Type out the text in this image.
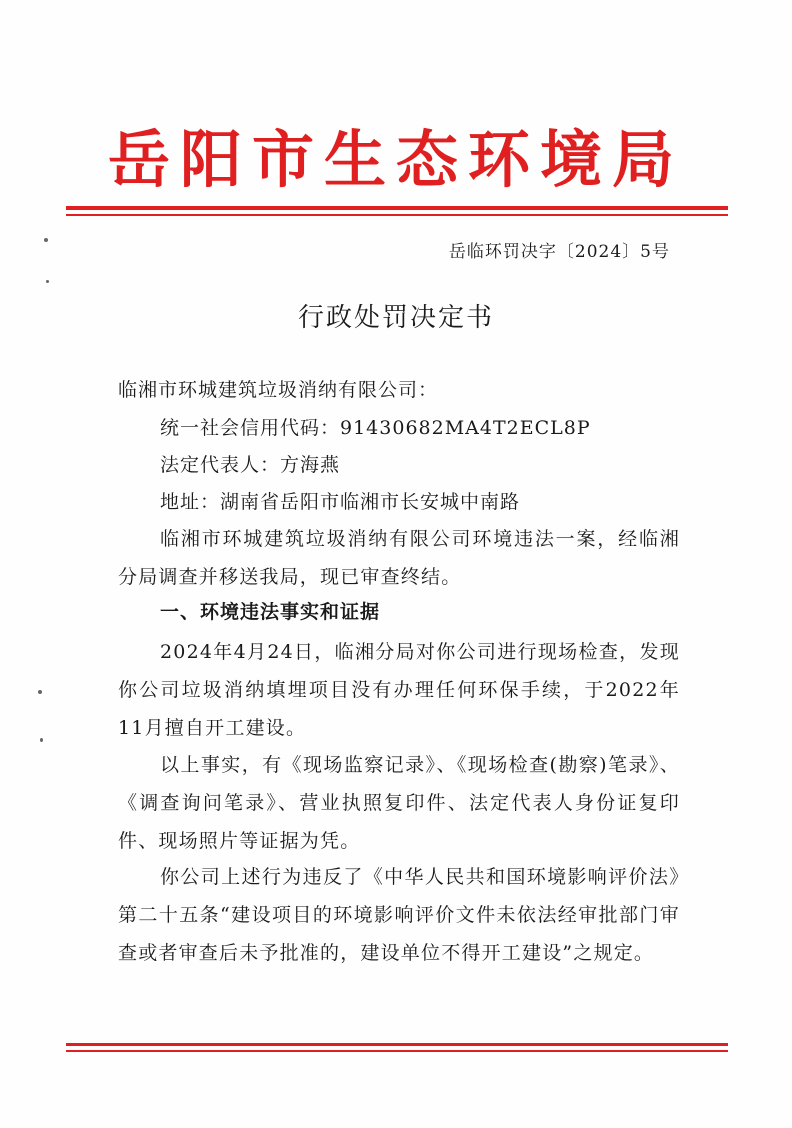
岳阳市生态环境局
岳临环罚决字〔2024〕5号
行政处罚决定书
临湘市环城建筑垃圾消纳有限公司：
统一社会信用代码：91430682MA4T2ECL8P
法定代表人：方海燕
地址：湖南省岳阳市临湘市长安城中南路
临湘市环城建筑垃圾消纳有限公司环境违法一案，经临湘分局调查并移送我局，现已审查终结。
一、环境违法事实和证据
2024年4月24日，临湘分局对你公司进行现场检查，发现你公司垃圾消纳填埋项目没有办理任何环保手续，于2022年11月擅自开工建设。
以上事实，有《现场监察记录》、《现场检查(勘察)笔录》、《调查询问笔录》、营业执照复印件、法定代表人身份证复印件、现场照片等证据为凭。
你公司上述行为违反了《中华人民共和国环境影响评价法》第二十五条“建设项目的环境影响评价文件未依法经审批部门审查或者审查后未予批准的，建设单位不得开工建设”之规定。
